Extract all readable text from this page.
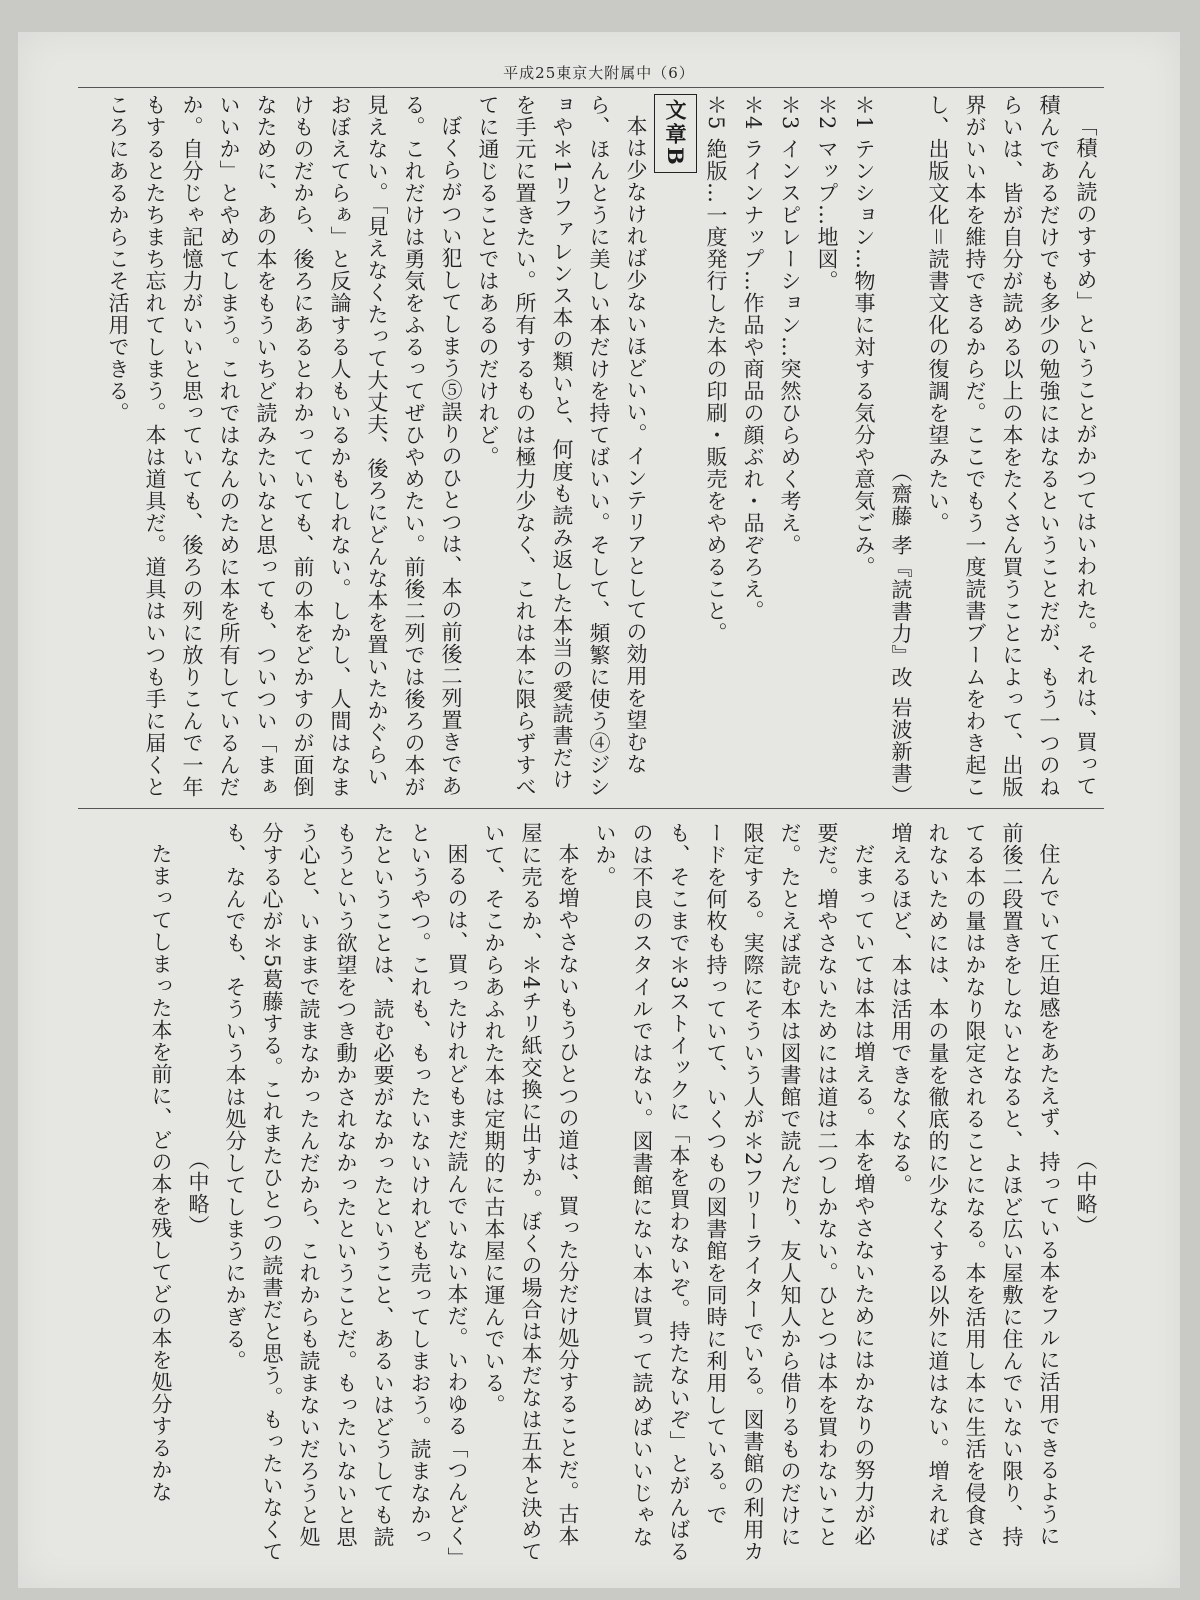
平成25東京大附属中（6）
「積ん読のすすめ」ということがかつてはいわれた。それは、買って積んであるだけでも多少の勉強にはなるということだが、もう一つのねらいは、皆が自分が読める以上の本をたくさん買うことによって、出版界がいい本を維持できるからだ。ここでもう一度読書ブームをわき起こし、出版文化＝読書文化の復調を望みたい。
（齋藤 孝『読書力』改 岩波新書）
＊1 テンション…物事に対する気分や意気ごみ。
＊2 マップ…地図。
＊3 インスピレーション…突然ひらめく考え。
＊4 ラインナップ…作品や商品の顔ぶれ・品ぞろえ。
＊5 絶版…一度発行した本の印刷・販売をやめること。
文章B
本は少なければ少ないほどいい。インテリアとしての効用を望むなら、ほんとうに美しい本だけを持てばいい。そして、頻繁に使う④ジショや＊1リファレンス本の類いと、何度も読み返した本当の愛読書だけを手元に置きたい。所有するものは極力少なく、これは本に限らずすべてに通じることではあるのだけれど。
ぼくらがつい犯してしまう⑤誤りのひとつは、本の前後二列置きである。これだけは勇気をふるってぜひやめたい。前後二列では後ろの本が見えない。「見えなくたって大丈夫、後ろにどんな本を置いたかぐらいおぼえてらぁ」と反論する人もいるかもしれない。しかし、人間はなまけものだから、後ろにあるとわかっていても、前の本をどかすのが面倒なために、あの本をもういちど読みたいなと思っても、ついつい「まぁいいか」とやめてしまう。これではなんのために本を所有しているんだか。自分じゃ記憶力がいいと思っていても、後ろの列に放りこんで一年もするとたちまち忘れてしまう。本は道具だ。道具はいつも手に届くところにあるからこそ活用できる。
（中略）
住んでいて圧迫感をあたえず、持っている本をフルに活用できるように前後二段置きをしないとなると、よほど広い屋敷に住んでいない限り、持てる本の量はかなり限定されることになる。本を活用し本に生活を侵食されないためには、本の量を徹底的に少なくする以外に道はない。増えれば増えるほど、本は活用できなくなる。
だまっていては本は増える。本を増やさないためにはかなりの努力が必要だ。増やさないためには道は二つしかない。ひとつは本を買わないことだ。たとえば読む本は図書館で読んだり、友人知人から借りるものだけに限定する。実際にそういう人が＊2フリーライターでいる。図書館の利用カードを何枚も持っていて、いくつもの図書館を同時に利用している。でも、そこまで＊3ストイックに「本を買わないぞ。持たないぞ」とがんばるのは不良のスタイルではない。図書館にない本は買って読めばいいじゃないか。
本を増やさないもうひとつの道は、買った分だけ処分することだ。古本屋に売るか、＊4チリ紙交換に出すか。ぼくの場合は本だなは五本と決めていて、そこからあふれた本は定期的に古本屋に運んでいる。
困るのは、買ったけれどもまだ読んでいない本だ。いわゆる「つんどく」というやつ。これも、もったいないけれども売ってしまおう。読まなかったということは、読む必要がなかったということ、あるいはどうしても読もうという欲望をつき動かされなかったということだ。もったいないと思う心と、いままで読まなかったんだから、これからも読まないだろうと処分する心が＊5葛藤する。これまたひとつの読書だと思う。もったいなくても、なんでも、そういう本は処分してしまうにかぎる。
（中略）
たまってしまった本を前に、どの本を残してどの本を処分するかな
